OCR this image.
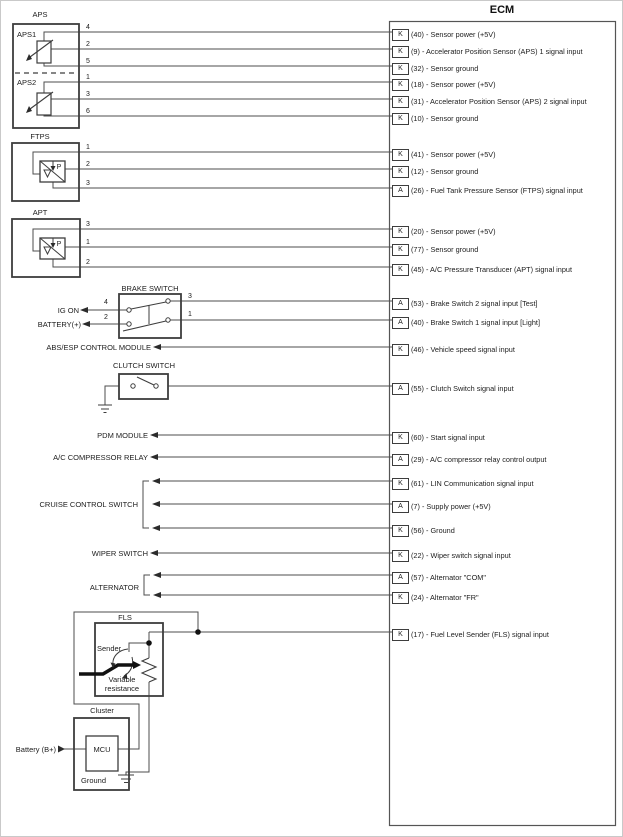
ECM
APS
APS1
APS2
FTPS
APT
BRAKE SWITCH
IG ON
BATTERY(+)
ABS/ESP CONTROL MODULE
CLUTCH SWITCH
PDM MODULE
A/C COMPRESSOR RELAY
CRUISE CONTROL SWITCH
WIPER SWITCH
ALTERNATOR
FLS
Sender
Variable
resistance
Cluster
MCU
Battery (B+)
Ground
P
P
4
2
5
1
3
6
1
2
3
3
1
2
4
2
3
1
K (40) - Sensor power (+5V)
K (9) - Accelerator Position Sensor (APS) 1 signal input
K (32) - Sensor ground
K (18) - Sensor power (+5V)
K (31) - Accelerator Position Sensor (APS) 2 signal input
K (10) - Sensor ground
K (41) - Sensor power (+5V)
K (12) - Sensor ground
A (26) - Fuel Tank Pressure Sensor (FTPS) signal input
K (20) - Sensor power (+5V)
K (77) - Sensor ground
K (45) - A/C Pressure Transducer (APT) signal input
A (53) - Brake Switch 2 signal input [Test]
A (40) - Brake Switch 1 signal input [Light]
K (46) - Vehicle speed signal input
A (55) - Clutch Switch signal input
K (60) - Start signal input
A (29) - A/C compressor relay control output
K (61) - LIN Communication signal input
A (7) - Supply power (+5V)
K (56) - Ground
K (22) - Wiper switch signal input
A (57) - Alternator "COM"
K (24) - Alternator "FR"
K (17) - Fuel Level Sender (FLS) signal input
